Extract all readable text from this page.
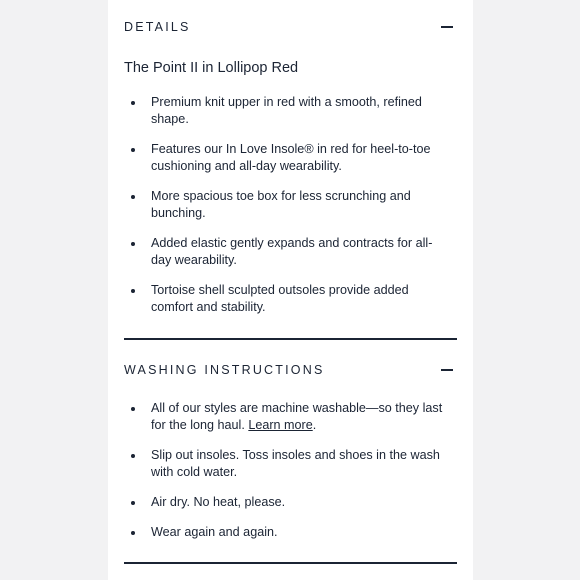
DETAILS
The Point II in Lollipop Red
Premium knit upper in red with a smooth, refined shape.
Features our In Love Insole® in red for heel-to-toe cushioning and all-day wearability.
More spacious toe box for less scrunching and bunching.
Added elastic gently expands and contracts for all-day wearability.
Tortoise shell sculpted outsoles provide added comfort and stability.
WASHING INSTRUCTIONS
All of our styles are machine washable—so they last for the long haul. Learn more.
Slip out insoles. Toss insoles and shoes in the wash with cold water.
Air dry. No heat, please.
Wear again and again.
